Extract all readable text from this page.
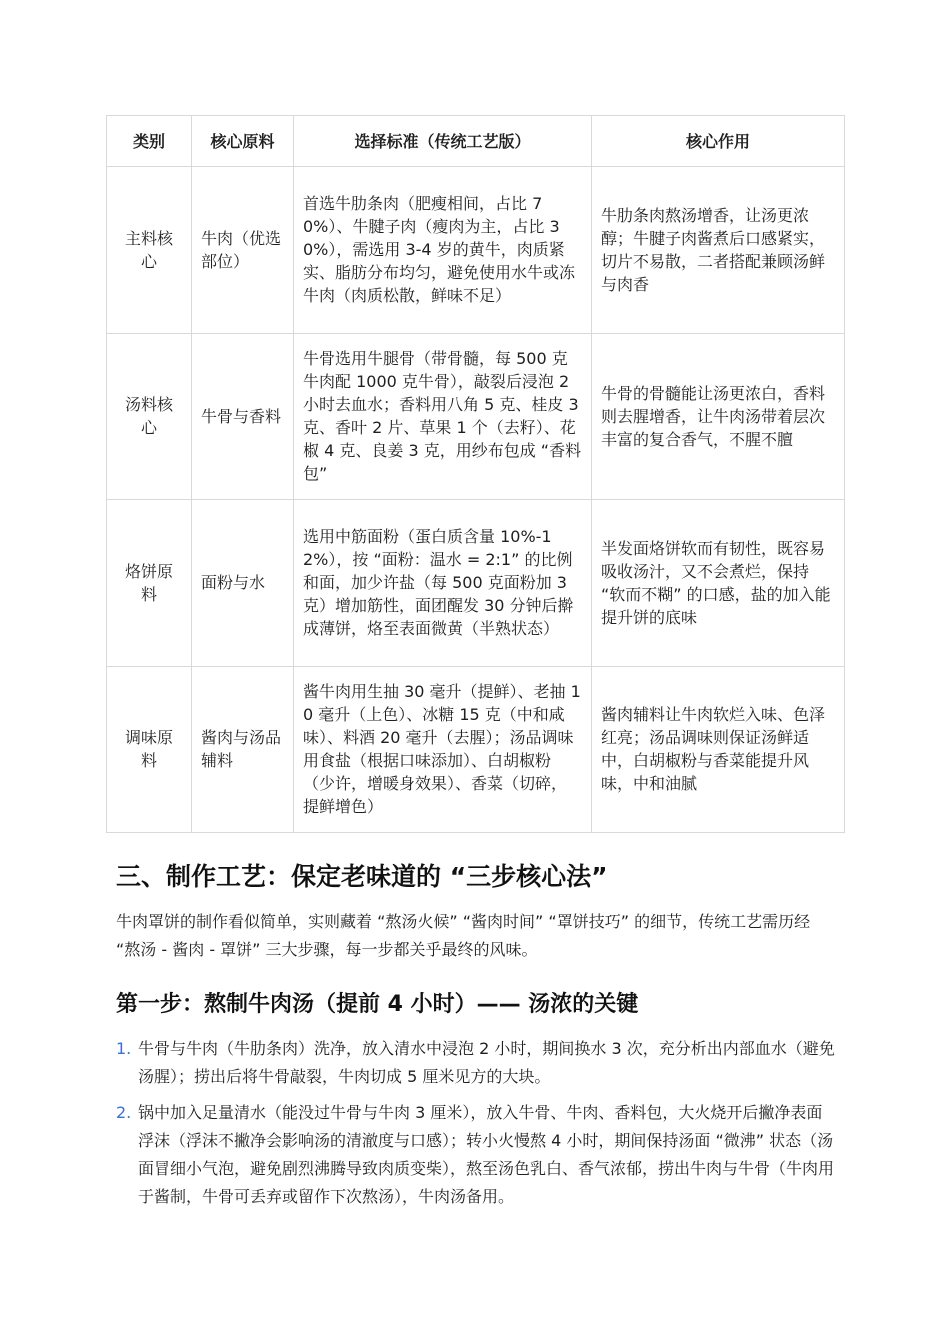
类别	核心原料	选择标准（传统工艺版）	核心作用
主料核心	牛肉（优选部位）	首选牛肋条肉（肥瘦相间，占比 70%）、牛腱子肉（瘦肉为主，占比 30%），需选用 3-4 岁的黄牛，肉质紧实、脂肪分布均匀，避免使用水牛或冻牛肉（肉质松散，鲜味不足）	牛肋条肉熬汤增香，让汤更浓醇；牛腱子肉酱煮后口感紧实，切片不易散，二者搭配兼顾汤鲜与肉香
汤料核心	牛骨与香料	牛骨选用牛腿骨（带骨髓，每 500 克牛肉配 1000 克牛骨），敲裂后浸泡 2 小时去血水；香料用八角 5 克、桂皮 3 克、香叶 2 片、草果 1 个（去籽）、花椒 4 克、良姜 3 克，用纱布包成 “香料包”	牛骨的骨髓能让汤更浓白，香料则去腥增香，让牛肉汤带着层次丰富的复合香气，不腥不膻
烙饼原料	面粉与水	选用中筋面粉（蛋白质含量 10%-12%），按 “面粉：温水 = 2:1” 的比例和面，加少许盐（每 500 克面粉加 3 克）增加筋性，面团醒发 30 分钟后擀成薄饼，烙至表面微黄（半熟状态）	半发面烙饼软而有韧性，既容易吸收汤汁，又不会煮烂，保持 “软而不糊” 的口感，盐的加入能提升饼的底味
调味原料	酱肉与汤品辅料	酱牛肉用生抽 30 毫升（提鲜）、老抽 10 毫升（上色）、冰糖 15 克（中和咸味）、料酒 20 毫升（去腥）；汤品调味用食盐（根据口味添加）、白胡椒粉（少许，增暖身效果）、香菜（切碎，提鲜增色）	酱肉辅料让牛肉软烂入味、色泽红亮；汤品调味则保证汤鲜适中，白胡椒粉与香菜能提升风味，中和油腻
三、制作工艺：保定老味道的 “三步核心法”

牛肉罩饼的制作看似简单，实则藏着 “熬汤火候” “酱肉时间” “罩饼技巧” 的细节，传统工艺需历经 “熬汤 - 酱肉 - 罩饼” 三大步骤，每一步都关乎最终的风味。

第一步：熬制牛肉汤（提前 4 小时）—— 汤浓的关键
1. 牛骨与牛肉（牛肋条肉）洗净，放入清水中浸泡 2 小时，期间换水 3 次，充分析出内部血水（避免汤腥）；捞出后将牛骨敲裂，牛肉切成 5 厘米见方的大块。
2. 锅中加入足量清水（能没过牛骨与牛肉 3 厘米），放入牛骨、牛肉、香料包，大火烧开后撇净表面浮沫（浮沫不撇净会影响汤的清澈度与口感）；转小火慢熬 4 小时，期间保持汤面 “微沸” 状态（汤面冒细小气泡，避免剧烈沸腾导致肉质变柴），熬至汤色乳白、香气浓郁，捞出牛肉与牛骨（牛肉用于酱制，牛骨可丢弃或留作下次熬汤），牛肉汤备用。
